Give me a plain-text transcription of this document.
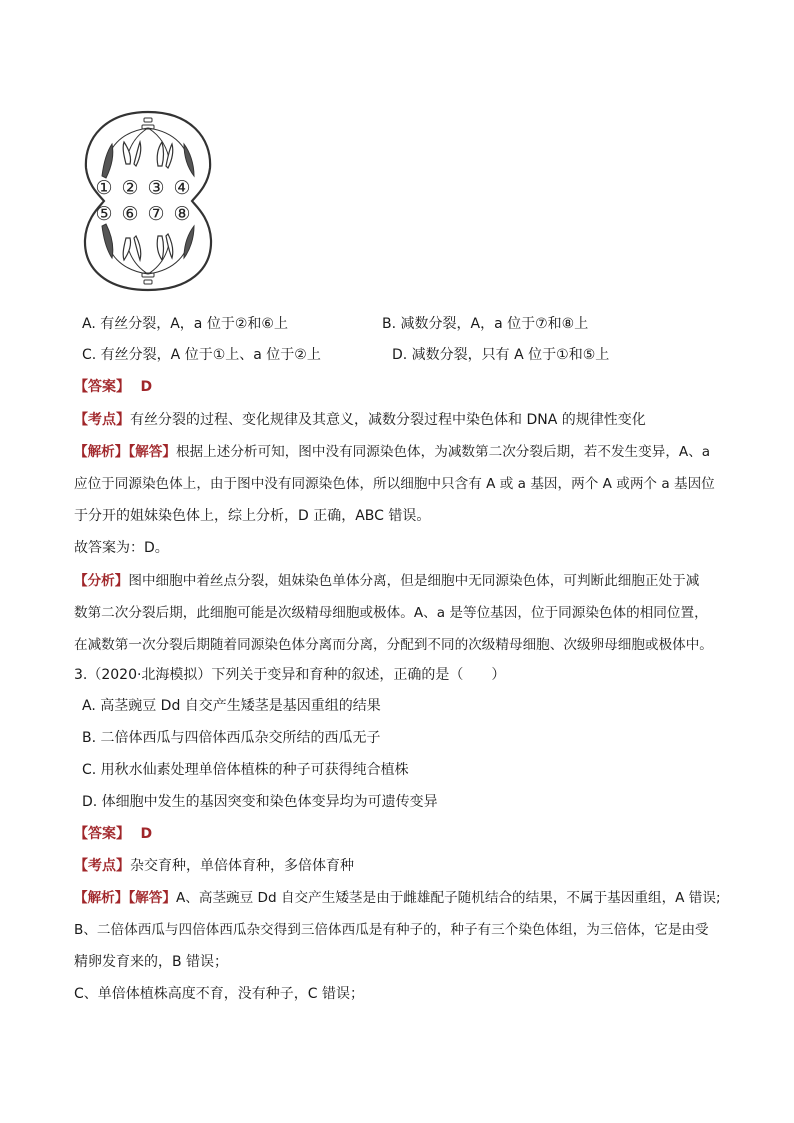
① ② ③ ④
⑤ ⑥ ⑦ ⑧
A. 有丝分裂，A，a 位于②和⑥上	B. 减数分裂，A，a 位于⑦和⑧上
C. 有丝分裂，A 位于①上、a 位于②上	D. 减数分裂，只有 A 位于①和⑤上
【答案】 D
【考点】有丝分裂的过程、变化规律及其意义，减数分裂过程中染色体和 DNA 的规律性变化
【解析】【解答】根据上述分析可知，图中没有同源染色体，为减数第二次分裂后期，若不发生变异，A、a
应位于同源染色体上，由于图中没有同源染色体，所以细胞中只含有 A 或 a 基因，两个 A 或两个 a 基因位
于分开的姐妹染色体上，综上分析，D 正确，ABC 错误。
故答案为：D。
【分析】图中细胞中着丝点分裂，姐妹染色单体分离，但是细胞中无同源染色体，可判断此细胞正处于减
数第二次分裂后期，此细胞可能是次级精母细胞或极体。A、a 是等位基因，位于同源染色体的相同位置，
在减数第一次分裂后期随着同源染色体分离而分离，分配到不同的次级精母细胞、次级卵母细胞或极体中。
3.（2020·北海模拟）下列关于变异和育种的叙述，正确的是（　　）
A. 高茎豌豆 Dd 自交产生矮茎是基因重组的结果
B. 二倍体西瓜与四倍体西瓜杂交所结的西瓜无子
C. 用秋水仙素处理单倍体植株的种子可获得纯合植株
D. 体细胞中发生的基因突变和染色体变异均为可遗传变异
【答案】 D
【考点】杂交育种，单倍体育种，多倍体育种
【解析】【解答】A、高茎豌豆 Dd 自交产生矮茎是由于雌雄配子随机结合的结果，不属于基因重组，A 错误;
B、二倍体西瓜与四倍体西瓜杂交得到三倍体西瓜是有种子的，种子有三个染色体组，为三倍体，它是由受
精卵发育来的，B 错误；
C、单倍体植株高度不育，没有种子，C 错误；
